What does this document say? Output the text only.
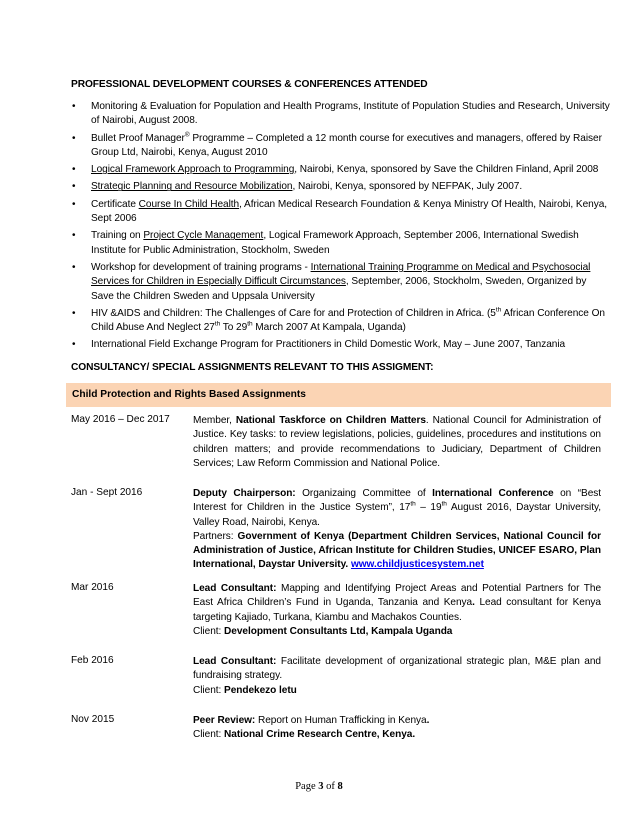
PROFESSIONAL DEVELOPMENT COURSES & CONFERENCES ATTENDED
• Monitoring & Evaluation for Population and Health Programs, Institute of Population Studies and Research, University of Nairobi, August 2008.
• Bullet Proof Manager® Programme – Completed a 12 month course for executives and managers, offered by Raiser Group Ltd, Nairobi, Kenya, August 2010
• Logical Framework Approach to Programming, Nairobi, Kenya, sponsored by Save the Children Finland, April 2008
• Strategic Planning and Resource Mobilization, Nairobi, Kenya, sponsored by NEFPAK, July 2007.
• Certificate Course In Child Health, African Medical Research Foundation & Kenya Ministry Of Health, Nairobi, Kenya, Sept 2006
• Training on Project Cycle Management, Logical Framework Approach, September 2006, International Swedish Institute for Public Administration, Stockholm, Sweden
• Workshop for development of training programs - International Training Programme on Medical and Psychosocial Services for Children in Especially Difficult Circumstances, September, 2006, Stockholm, Sweden, Organized by Save the Children Sweden and Uppsala University
• HIV &AIDS and Children: The Challenges of Care for and Protection of Children in Africa. (5th African Conference On Child Abuse And Neglect 27th To 29th March 2007 At Kampala, Uganda)
• International Field Exchange Program for Practitioners in Child Domestic Work, May – June 2007, Tanzania
CONSULTANCY/ SPECIAL ASSIGNMENTS RELEVANT TO THIS ASSIGMENT:
Child Protection and Rights Based Assignments
May 2016 – Dec 2017 Member, National Taskforce on Children Matters. National Council for Administration of Justice. Key tasks: to review legislations, policies, guidelines, procedures and institutions on children matters; and provide recommendations to Judiciary, Department of Children Services; Law Reform Commission and National Police.

Jan - Sept 2016	Deputy Chairperson: Organizaing Committee of International Conference on “Best Interest for Children in the Justice System”, 17th – 19th August 2016, Daystar University, Valley Road, Nairobi, Kenya.

Partners: Government of Kenya (Department Children Services, National Council for Administration of Justice, African Institute for Children Studies, UNICEF ESARO, Plan International, Daystar University. www.childjusticesystem.net

Mar 2016	Lead Consultant: Mapping and Identifying Project Areas and Potential Partners for The East Africa Children’s Fund in Uganda, Tanzania and Kenya. Lead consultant for Kenya targeting Kajiado, Turkana, Kiambu and Machakos Counties.

Client: Development Consultants Ltd, Kampala Uganda

Feb 2016	Lead Consultant: Facilitate development of organizational strategic plan, M&E plan and fundraising strategy.

Client: Pendekezo letu

Nov 2015	Peer Review: Report on Human Trafficking in Kenya.

Client: National Crime Research Centre, Kenya.

Page 3 of 8
